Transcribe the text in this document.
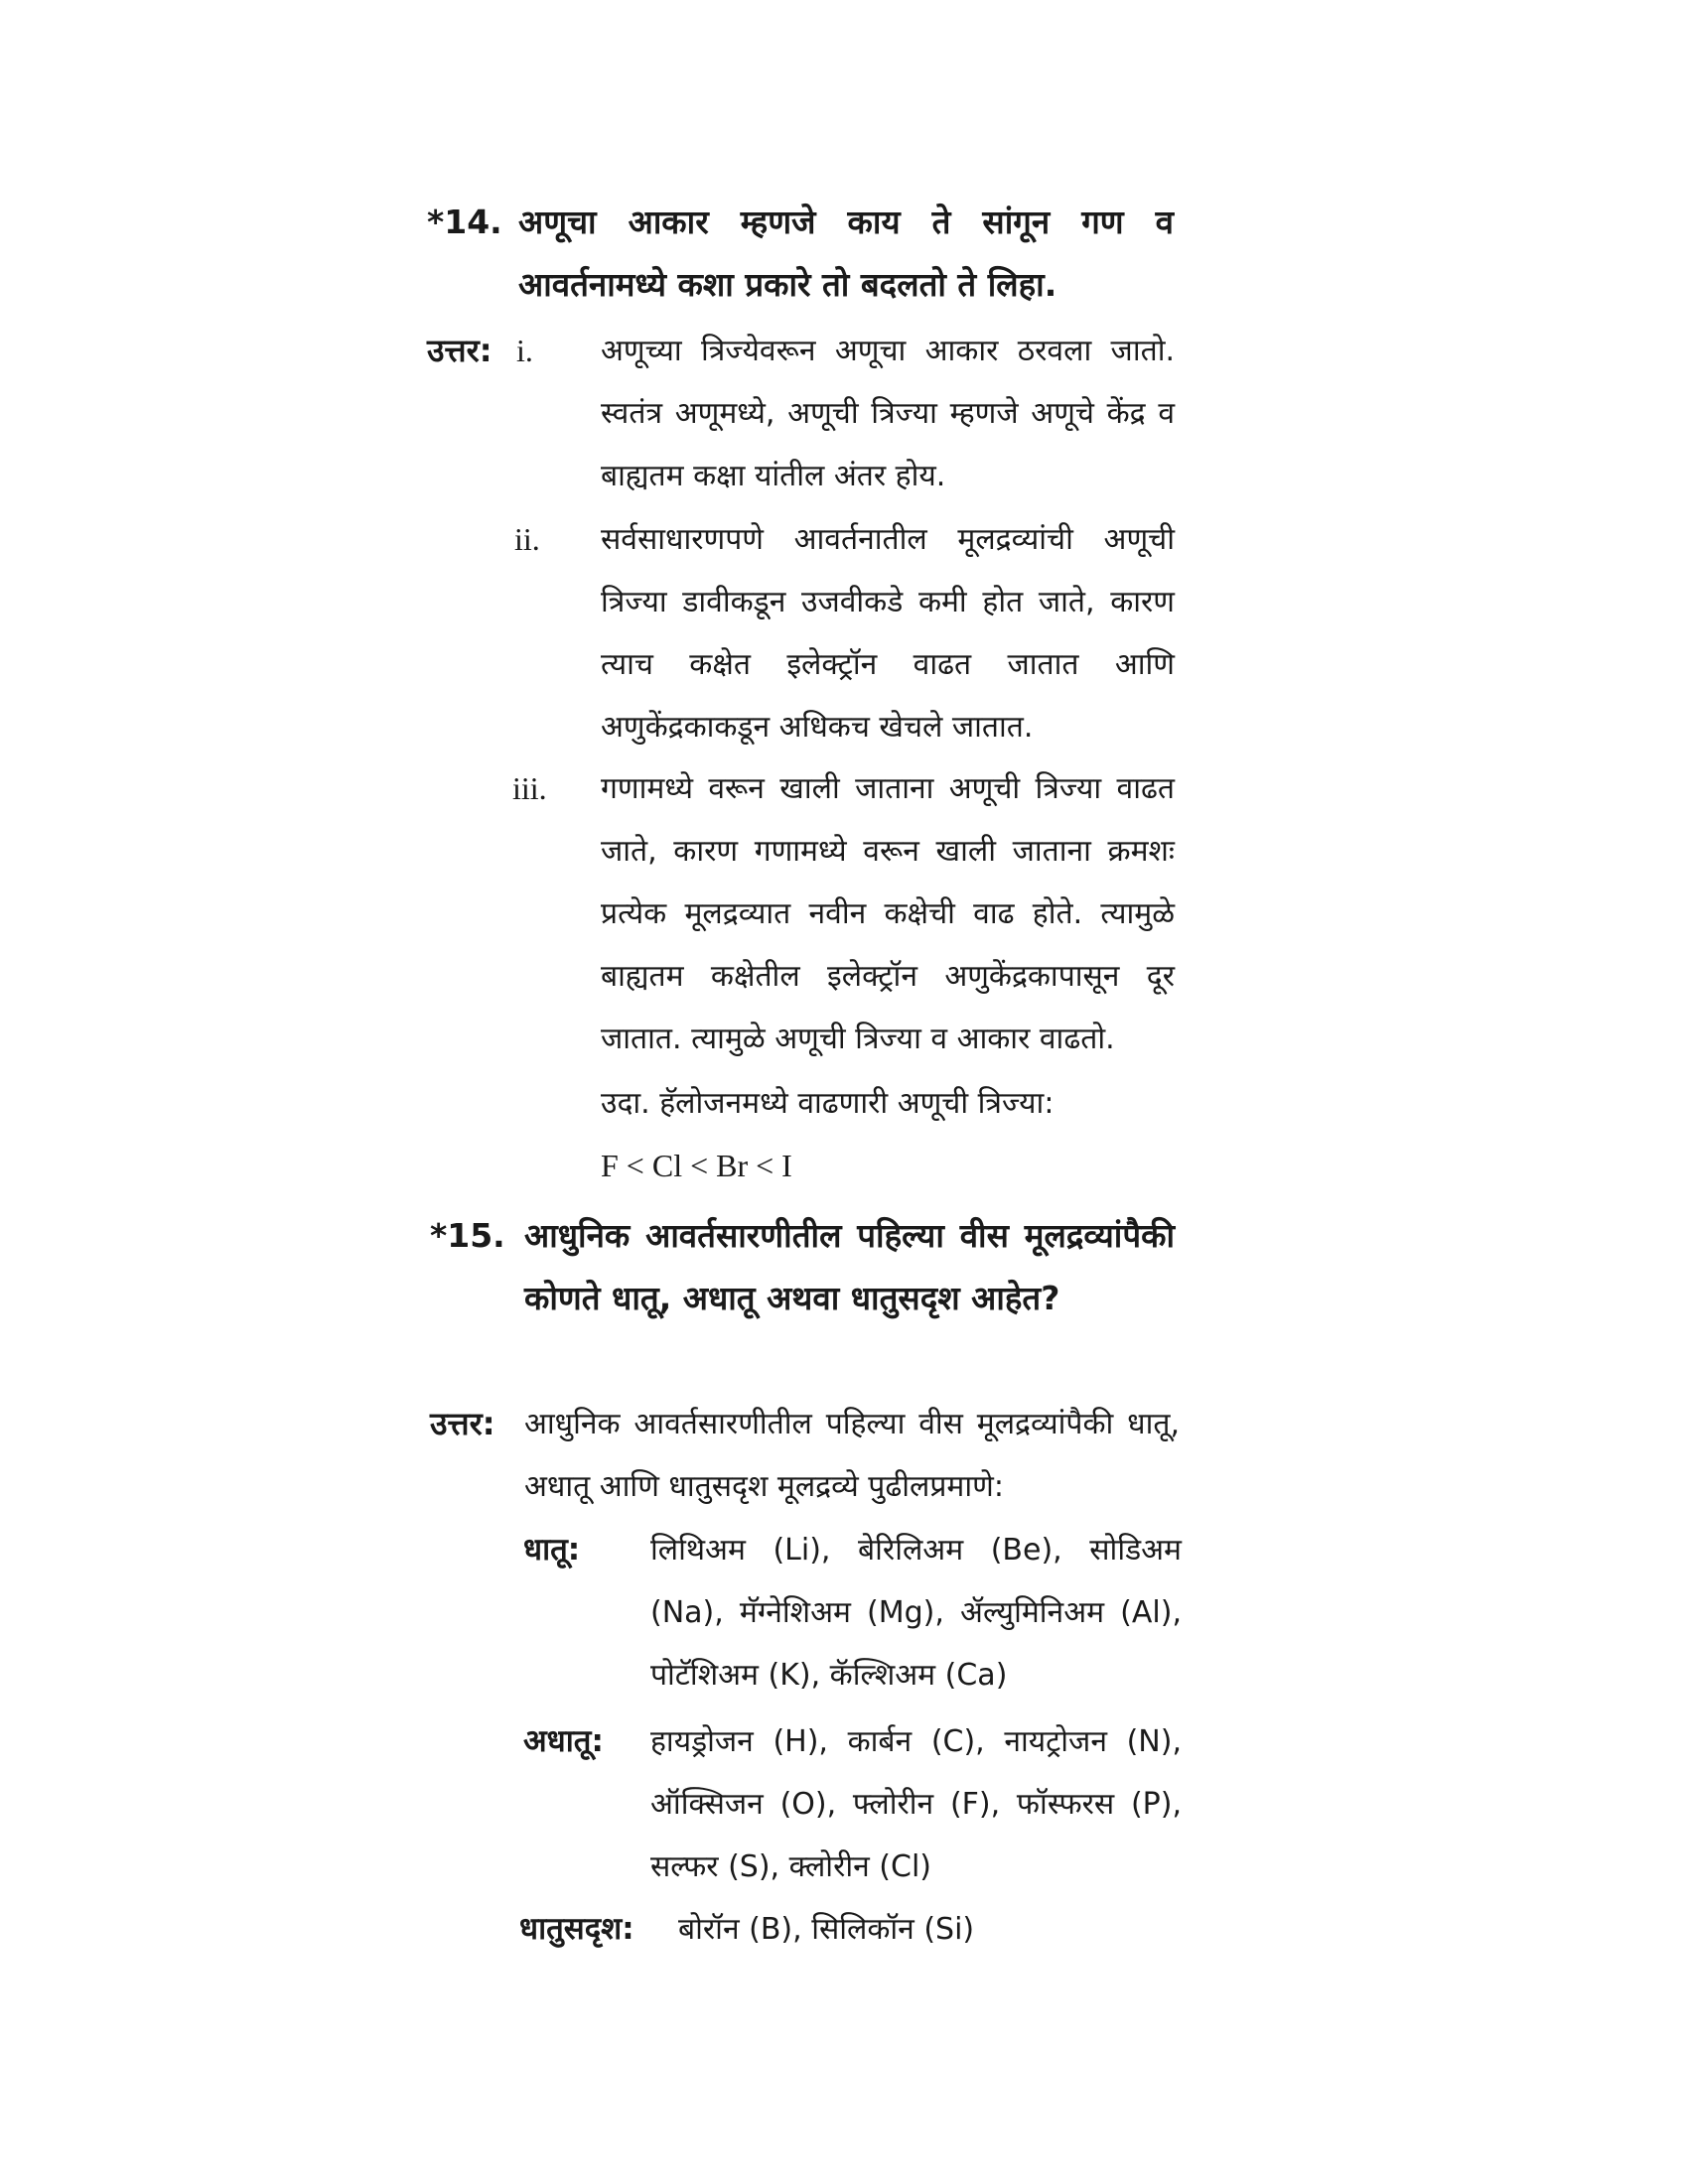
*14. अणूचा आकार म्हणजे काय ते सांगून गण व आवर्तनामध्ये कशा प्रकारे तो बदलतो ते लिहा.
उत्तर: i. अणूच्या त्रिज्येवरून अणूचा आकार ठरवला जातो. स्वतंत्र अणूमध्ये, अणूची त्रिज्या म्हणजे अणूचे केंद्र व बाह्यतम कक्षा यांतील अंतर होय.
ii. सर्वसाधारणपणे आवर्तनातील मूलद्रव्यांची अणूची त्रिज्या डावीकडून उजवीकडे कमी होत जाते, कारण त्याच कक्षेत इलेक्ट्रॉन वाढत जातात आणि अणुकेंद्रकाकडून अधिकच खेचले जातात.
iii. गणामध्ये वरून खाली जाताना अणूची त्रिज्या वाढत जाते, कारण गणामध्ये वरून खाली जाताना क्रमशः प्रत्येक मूलद्रव्यात नवीन कक्षेची वाढ होते. त्यामुळे बाह्यतम कक्षेतील इलेक्ट्रॉन अणुकेंद्रकापासून दूर जातात. त्यामुळे अणूची त्रिज्या व आकार वाढतो.
उदा. हॅलोजनमध्ये वाढणारी अणूची त्रिज्या:
F < Cl < Br < I
*15. आधुनिक आवर्तसारणीतील पहिल्या वीस मूलद्रव्यांपैकी कोणते धातू, अधातू अथवा धातुसदृश आहेत?
उत्तर: आधुनिक आवर्तसारणीतील पहिल्या वीस मूलद्रव्यांपैकी धातू, अधातू आणि धातुसदृश मूलद्रव्ये पुढीलप्रमाणे:
धातू: लिथिअम (Li), बेरिलिअम (Be), सोडिअम (Na), मॅग्नेशिअम (Mg), ॲल्युमिनिअम (Al), पोटॅशिअम (K), कॅल्शिअम (Ca)
अधातू: हायड्रोजन (H), कार्बन (C), नायट्रोजन (N), ऑक्सिजन (O), फ्लोरीन (F), फॉस्फरस (P), सल्फर (S), क्लोरीन (Cl)
धातुसदृश: बोरॉन (B), सिलिकॉन (Si)
